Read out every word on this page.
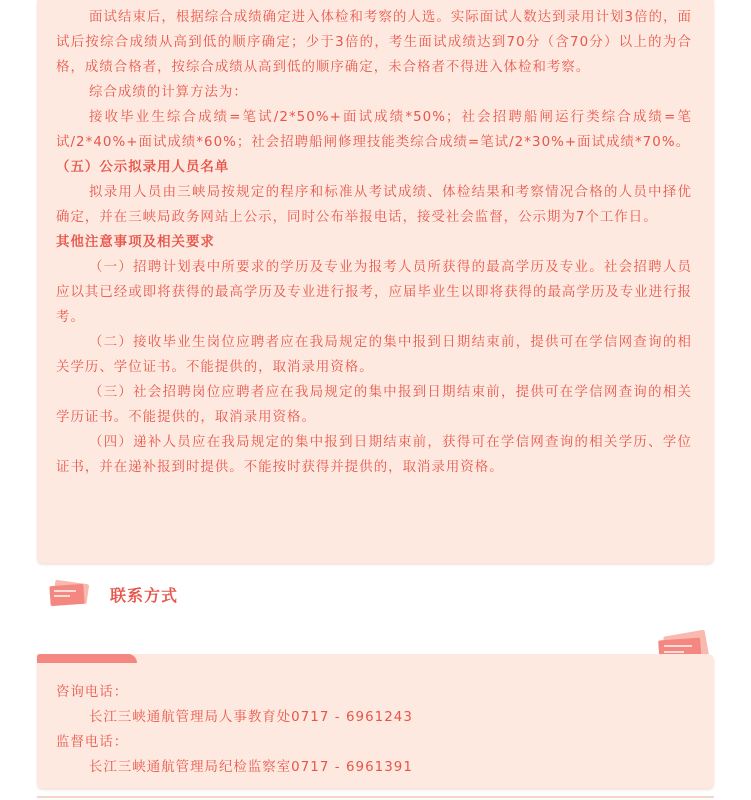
面试结束后，根据综合成绩确定进入体检和考察的人选。实际面试人数达到录用计划3倍的，面试后按综合成绩从高到低的顺序确定；少于3倍的，考生面试成绩达到70分（含70分）以上的为合格，成绩合格者，按综合成绩从高到低的顺序确定，未合格者不得进入体检和考察。

综合成绩的计算方法为：

接收毕业生综合成绩=笔试/2*50%+面试成绩*50%；社会招聘船闸运行类综合成绩=笔试/2*40%+面试成绩*60%；社会招聘船闸修理技能类综合成绩=笔试/2*30%+面试成绩*70%。

（五）公示拟录用人员名单

拟录用人员由三峡局按规定的程序和标准从考试成绩、体检结果和考察情况合格的人员中择优确定，并在三峡局政务网站上公示，同时公布举报电话，接受社会监督，公示期为7个工作日。

其他注意事项及相关要求

（一）招聘计划表中所要求的学历及专业为报考人员所获得的最高学历及专业。社会招聘人员应以其已经或即将获得的最高学历及专业进行报考，应届毕业生以即将获得的最高学历及专业进行报考。

（二）接收毕业生岗位应聘者应在我局规定的集中报到日期结束前，提供可在学信网查询的相关学历、学位证书。不能提供的，取消录用资格。

（三）社会招聘岗位应聘者应在我局规定的集中报到日期结束前，提供可在学信网查询的相关学历证书。不能提供的，取消录用资格。

（四）递补人员应在我局规定的集中报到日期结束前，获得可在学信网查询的相关学历、学位证书，并在递补报到时提供。不能按时获得并提供的，取消录用资格。

联系方式

咨询电话：

长江三峡通航管理局人事教育处0717 - 6961243

监督电话：

长江三峡通航管理局纪检监察室0717 - 6961391
